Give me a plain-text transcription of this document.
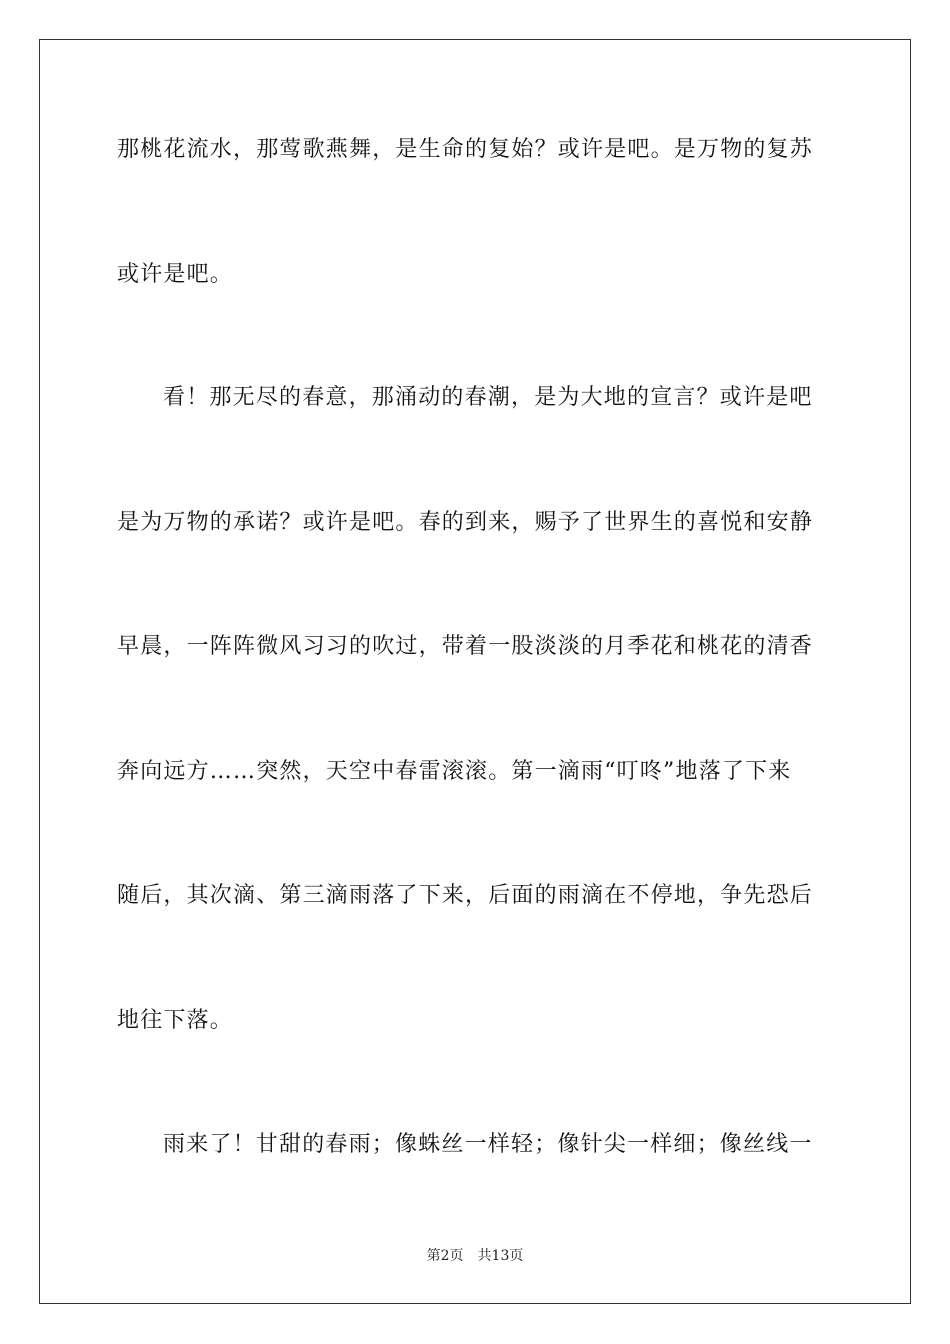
那桃花流水，那莺歌燕舞，是生命的复始？或许是吧。是万物的复苏
或许是吧。
看！那无尽的春意，那涌动的春潮，是为大地的宣言？或许是吧
是为万物的承诺？或许是吧。春的到来，赐予了世界生的喜悦和安静
早晨，一阵阵微风习习的吹过，带着一股淡淡的月季花和桃花的清香
奔向远方……突然，天空中春雷滚滚。第一滴雨“叮咚”地落了下来
随后，其次滴、第三滴雨落了下来，后面的雨滴在不停地，争先恐后
地往下落。
雨来了！甘甜的春雨；像蛛丝一样轻；像针尖一样细；像丝线一
第2页 共13页
